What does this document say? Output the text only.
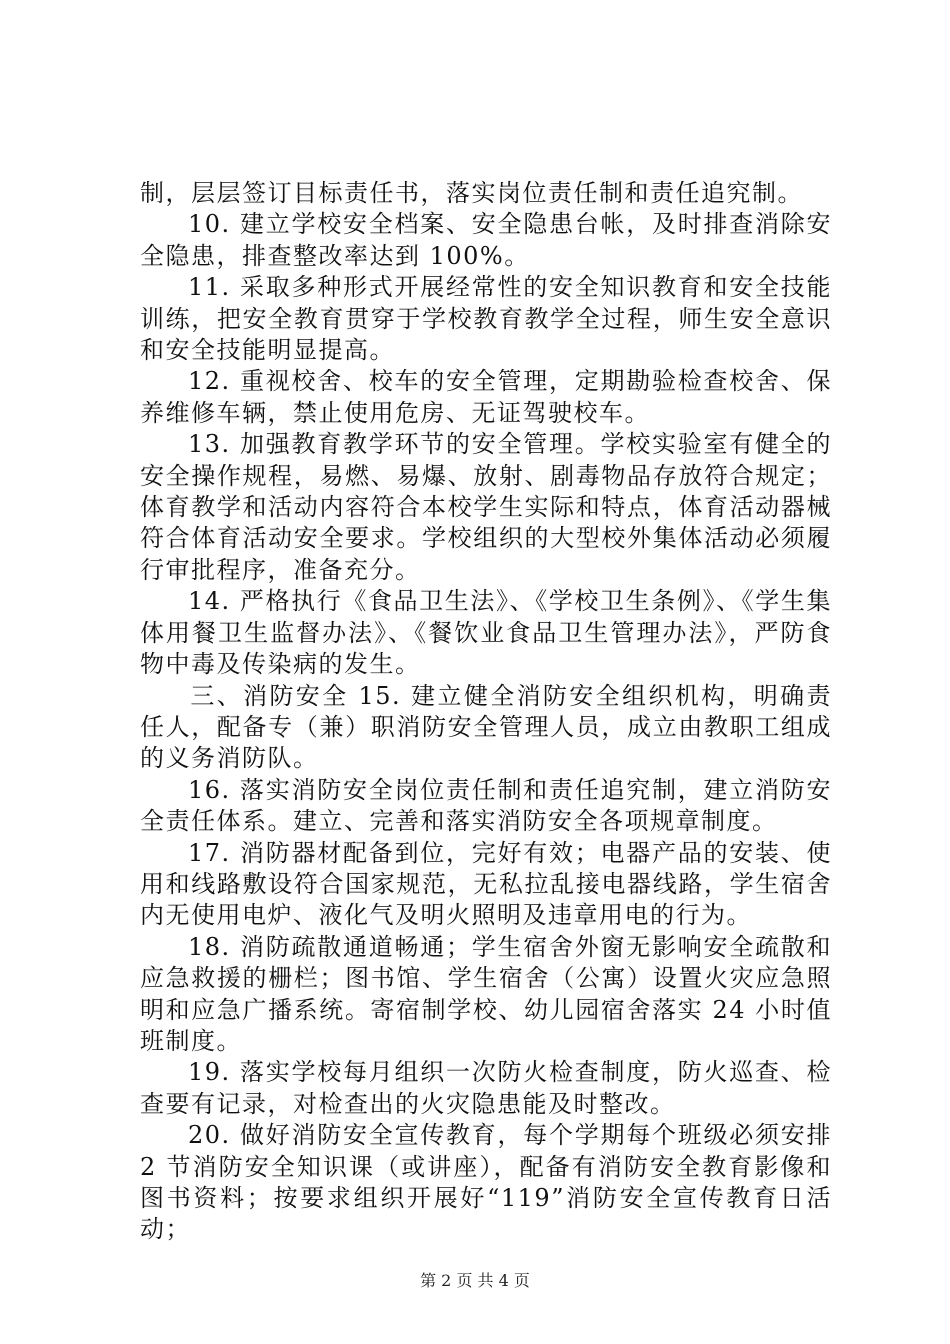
制，层层签订目标责任书，落实岗位责任制和责任追究制。

10. 建立学校安全档案、安全隐患台帐，及时排查消除安全隐患，排查整改率达到 100%。

11. 采取多种形式开展经常性的安全知识教育和安全技能训练，把安全教育贯穿于学校教育教学全过程，师生安全意识和安全技能明显提高。

12. 重视校舍、校车的安全管理，定期勘验检查校舍、保养维修车辆，禁止使用危房、无证驾驶校车。

13. 加强教育教学环节的安全管理。学校实验室有健全的安全操作规程，易燃、易爆、放射、剧毒物品存放符合规定；体育教学和活动内容符合本校学生实际和特点，体育活动器械符合体育活动安全要求。学校组织的大型校外集体活动必须履行审批程序，准备充分。

14. 严格执行《食品卫生法》、《学校卫生条例》、《学生集体用餐卫生监督办法》、《餐饮业食品卫生管理办法》，严防食物中毒及传染病的发生。

三、消防安全 15. 建立健全消防安全组织机构，明确责任人，配备专（兼）职消防安全管理人员，成立由教职工组成的义务消防队。

16. 落实消防安全岗位责任制和责任追究制，建立消防安全责任体系。建立、完善和落实消防安全各项规章制度。

17. 消防器材配备到位，完好有效；电器产品的安装、使用和线路敷设符合国家规范，无私拉乱接电器线路，学生宿舍内无使用电炉、液化气及明火照明及违章用电的行为。

18. 消防疏散通道畅通；学生宿舍外窗无影响安全疏散和应急救援的栅栏；图书馆、学生宿舍（公寓）设置火灾应急照明和应急广播系统。寄宿制学校、幼儿园宿舍落实 24 小时值班制度。

19. 落实学校每月组织一次防火检查制度，防火巡查、检查要有记录，对检查出的火灾隐患能及时整改。

20. 做好消防安全宣传教育，每个学期每个班级必须安排 2 节消防安全知识课（或讲座），配备有消防安全教育影像和图书资料；按要求组织开展好“119”消防安全宣传教育日活动；

第 2 页 共 4 页
